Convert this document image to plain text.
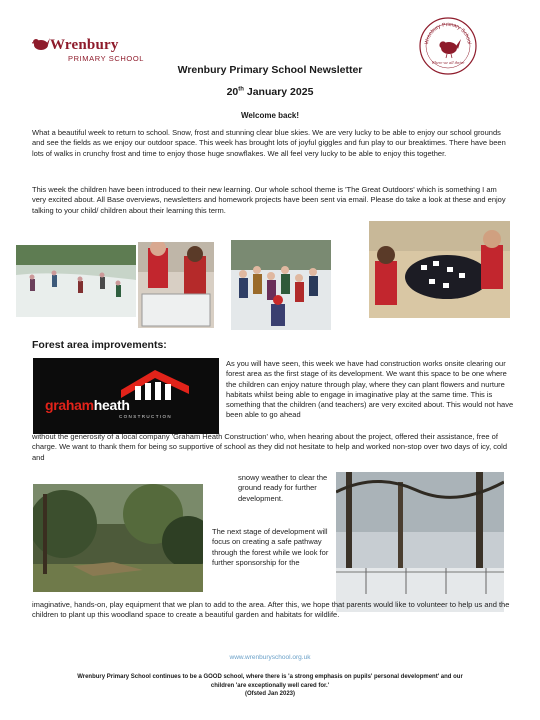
Wrenbury
PRIMARY SCHOOL
Wrenbury Primary School
Where we all thrive
Wrenbury Primary School Newsletter
20th January 2025
Welcome back!
What a beautiful week to return to school. Snow, frost and stunning clear blue skies. We are very lucky to be able to enjoy our school grounds and see the fields as we enjoy our outdoor space. This week has brought lots of joyful giggles and fun play to our breaktimes. There have been lots of walks in crunchy frost and time to enjoy those huge snowflakes. We all feel very lucky to be able to enjoy this together.
This week the children have been introduced to their new learning. Our whole school theme is 'The Great Outdoors' which is something I am very excited about. All Base overviews, newsletters and homework projects have been sent via email. Please do take a look at these and enjoy talking to your child/ children about their learning this term.
Forest area improvements:
grahamheath
CONSTRUCTION
As you will have seen, this week we have had construction works onsite clearing our forest area as the first stage of its development. We want this space to be one where the children can enjoy nature through play, where they can plant flowers and nurture habitats whilst being able to engage in imaginative play at the same time. This is something that the children (and teachers) are very excited about. This would not have been able to go ahead
without the generosity of a local company 'Graham Heath Construction' who, when hearing about the project, offered their assistance, free of charge. We want to thank them for being so supportive of school as they did not hesitate to help and worked non-stop over two days of icy, cold and
snowy weather to clear the ground ready for further development.
The next stage of development will focus on creating a safe pathway through the forest while we look for further sponsorship for the
imaginative, hands-on, play equipment that we plan to add to the area. After this, we hope that parents would like to volunteer to help us and the children to plant up this woodland space to create a beautiful garden and habitats for wildlife.
www.wrenburyschool.org.uk
Wrenbury Primary School continues to be a GOOD school, where there is 'a strong emphasis on pupils' personal development' and our
children 'are exceptionally well cared for.'
(Ofsted Jan 2023)
